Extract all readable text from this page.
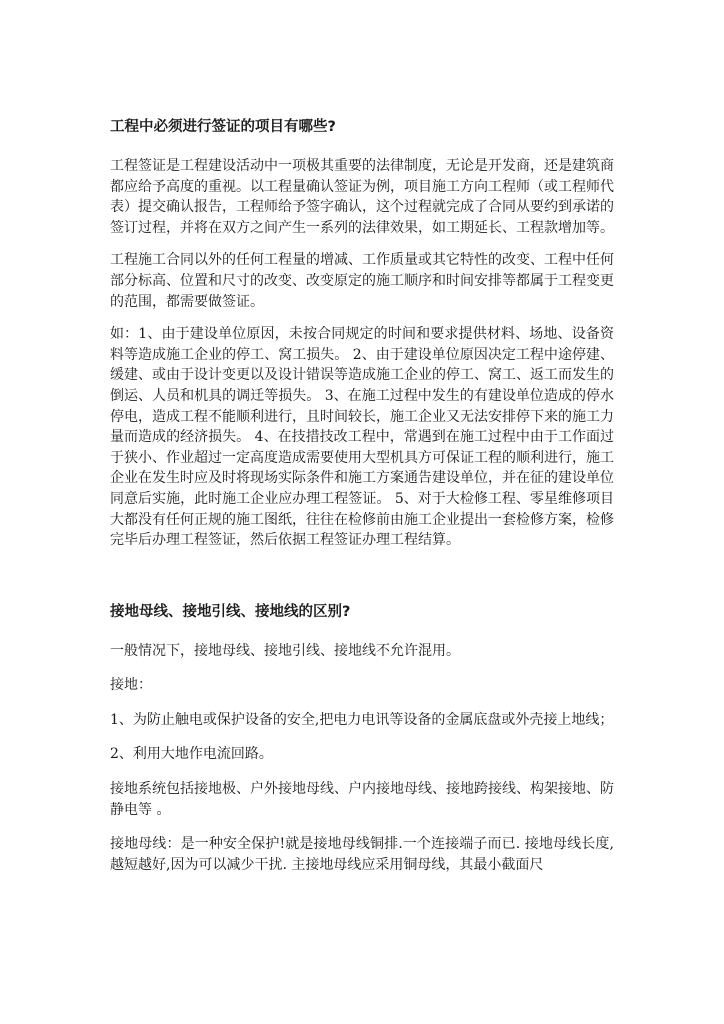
工程中必须进行签证的项目有哪些?

工程签证是工程建设活动中一项极其重要的法律制度，无论是开发商，还是建筑商都应给予高度的重视。以工程量确认签证为例，项目施工方向工程师（或工程师代表）提交确认报告，工程师给予签字确认，这个过程就完成了合同从要约到承诺的签订过程，并将在双方之间产生一系列的法律效果，如工期延长、工程款增加等。

工程施工合同以外的任何工程量的增减、工作质量或其它特性的改变、工程中任何部分标高、位置和尺寸的改变、改变原定的施工顺序和时间安排等都属于工程变更的范围，都需要做签证。

如：1、由于建设单位原因，未按合同规定的时间和要求提供材料、场地、设备资料等造成施工企业的停工、窝工损失。 2、由于建设单位原因决定工程中途停建、缓建、或由于设计变更以及设计错误等造成施工企业的停工、窝工、返工而发生的倒运、人员和机具的调迁等损失。 3、在施工过程中发生的有建设单位造成的停水停电，造成工程不能顺利进行，且时间较长，施工企业又无法安排停下来的施工力量而造成的经济损失。 4、在技措技改工程中，常遇到在施工过程中由于工作面过于狭小、作业超过一定高度造成需要使用大型机具方可保证工程的顺利进行，施工企业在发生时应及时将现场实际条件和施工方案通告建设单位，并在征的建设单位同意后实施，此时施工企业应办理工程签证。 5、对于大检修工程、零星维修项目大都没有任何正规的施工图纸，往往在检修前由施工企业提出一套检修方案，检修完毕后办理工程签证，然后依据工程签证办理工程结算。

接地母线、接地引线、接地线的区别?

一般情况下，接地母线、接地引线、接地线不允许混用。

接地：

1、为防止触电或保护设备的安全,把电力电讯等设备的金属底盘或外壳接上地线；

2、利用大地作电流回路。

接地系统包括接地极、户外接地母线、户内接地母线、接地跨接线、构架接地、防静电等 。

接地母线：是一种安全保护!就是接地母线铜排.一个连接端子而已. 接地母线长度,越短越好,因为可以减少干扰. 主接地母线应采用铜母线，其最小截面尺
